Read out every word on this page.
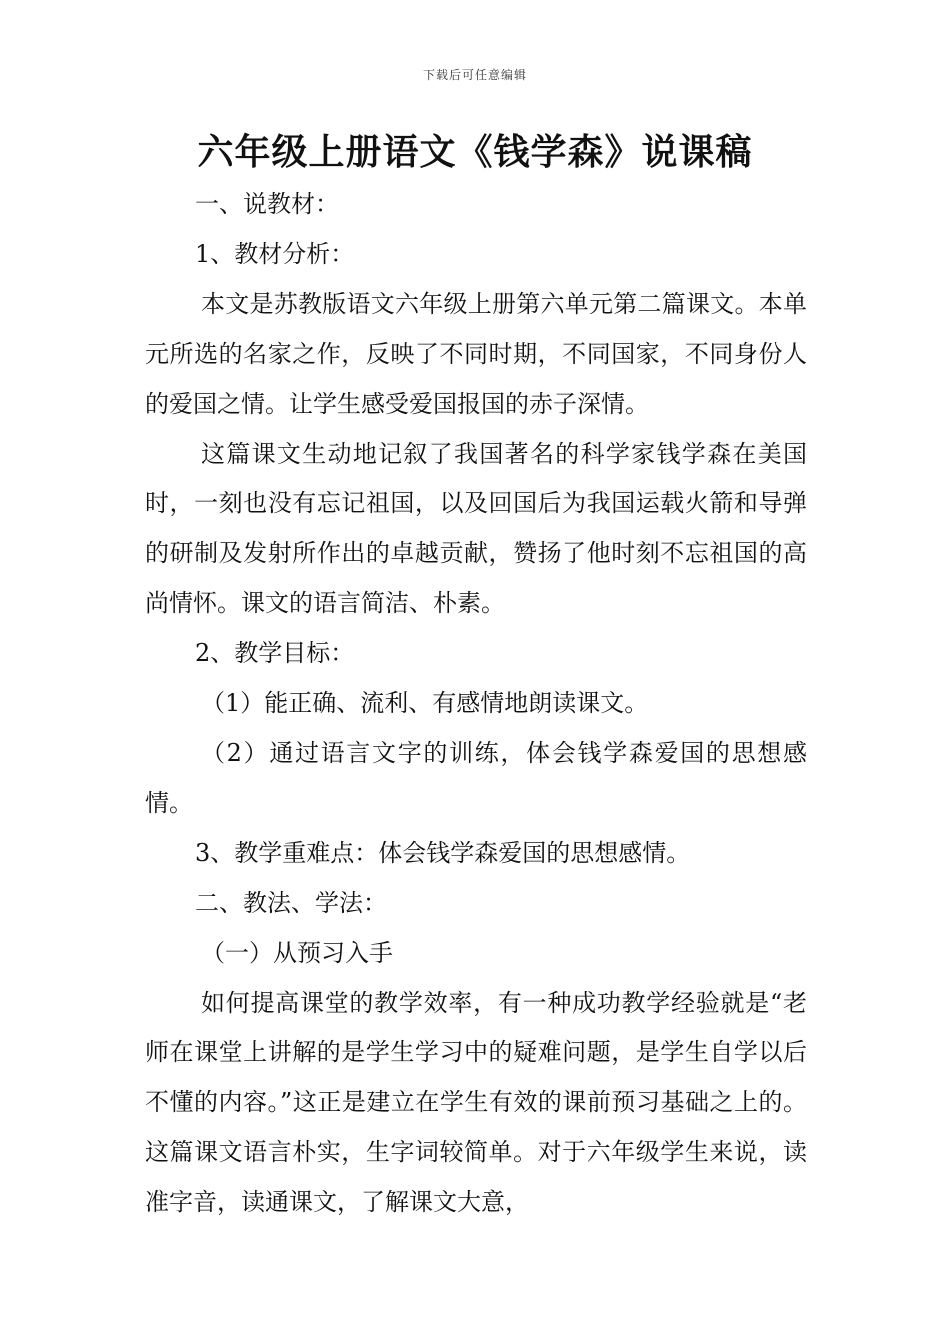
下载后可任意编辑
六年级上册语文《钱学森》说课稿

一、说教材：

1、教材分析：

本文是苏教版语文六年级上册第六单元第二篇课文。本单元所选的名家之作，反映了不同时期，不同国家，不同身份人的爱国之情。让学生感受爱国报国的赤子深情。

这篇课文生动地记叙了我国著名的科学家钱学森在美国时，一刻也没有忘记祖国，以及回国后为我国运载火箭和导弹的研制及发射所作出的卓越贡献，赞扬了他时刻不忘祖国的高尚情怀。课文的语言简洁、朴素。

2、教学目标：

（1）能正确、流利、有感情地朗读课文。

（2）通过语言文字的训练，体会钱学森爱国的思想感情。

3、教学重难点：体会钱学森爱国的思想感情。

二、教法、学法：

（一）从预习入手

如何提高课堂的教学效率，有一种成功教学经验就是“老师在课堂上讲解的是学生学习中的疑难问题，是学生自学以后不懂的内容。”这正是建立在学生有效的课前预习基础之上的。这篇课文语言朴实，生字词较简单。对于六年级学生来说，读准字音，读通课文，了解课文大意，
